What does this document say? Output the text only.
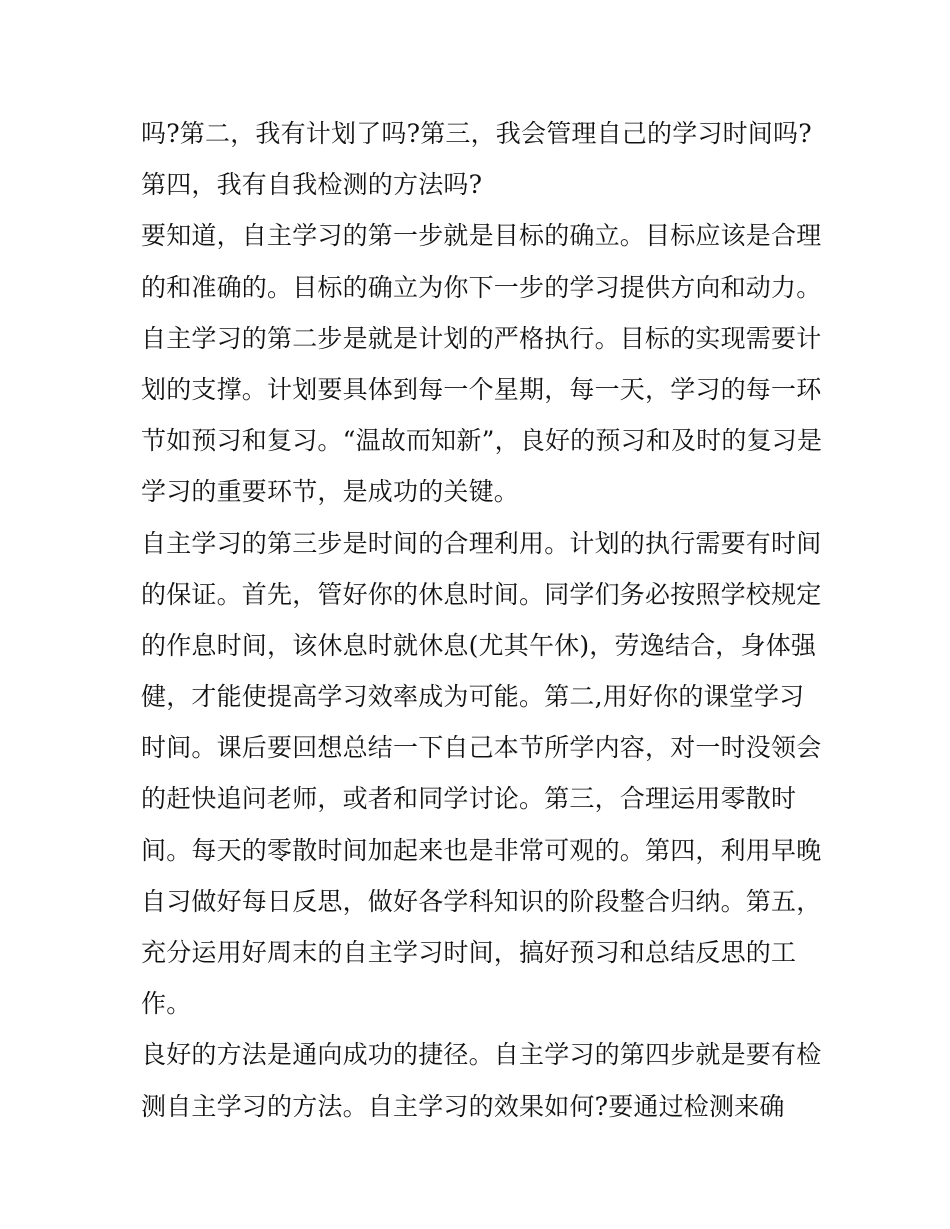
吗?第二，我有计划了吗?第三，我会管理自己的学习时间吗?
第四，我有自我检测的方法吗?
要知道，自主学习的第一步就是目标的确立。目标应该是合理
的和准确的。目标的确立为你下一步的学习提供方向和动力。
自主学习的第二步是就是计划的严格执行。目标的实现需要计
划的支撑。计划要具体到每一个星期，每一天，学习的每一环
节如预习和复习。“温故而知新”，良好的预习和及时的复习是
学习的重要环节，是成功的关键。
自主学习的第三步是时间的合理利用。计划的执行需要有时间
的保证。首先，管好你的休息时间。同学们务必按照学校规定
的作息时间，该休息时就休息(尤其午休)，劳逸结合，身体强
健，才能使提高学习效率成为可能。第二,用好你的课堂学习
时间。课后要回想总结一下自己本节所学内容，对一时没领会
的赶快追问老师，或者和同学讨论。第三，合理运用零散时
间。每天的零散时间加起来也是非常可观的。第四，利用早晚
自习做好每日反思，做好各学科知识的阶段整合归纳。第五，
充分运用好周末的自主学习时间，搞好预习和总结反思的工
作。
良好的方法是通向成功的捷径。自主学习的第四步就是要有检
测自主学习的方法。自主学习的效果如何?要通过检测来确
